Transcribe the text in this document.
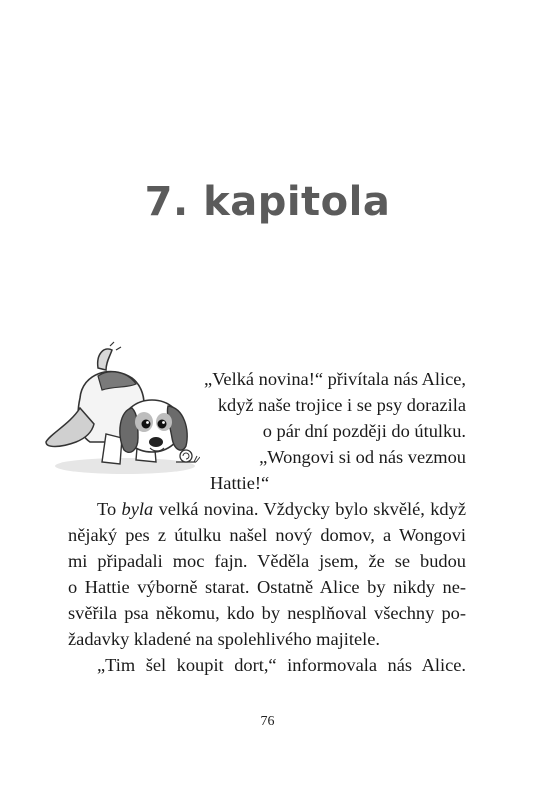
7. kapitola
„Velká novina!“ přivítala nás Alice,
když naše trojice i se psy dorazila
o pár dní později do útulku.
„Wongovi si od nás vezmou
Hattie!“
To byla velká novina. Vždycky bylo skvělé, když
nějaký pes z útulku našel nový domov, a Wongovi
mi připadali moc fajn. Věděla jsem, že se budou
o Hattie výborně starat. Ostatně Alice by nikdy ne-
svěřila psa někomu, kdo by nesplňoval všechny po-
žadavky kladené na spolehlivého majitele.
„Tim šel koupit dort,“ informovala nás Alice.
76
